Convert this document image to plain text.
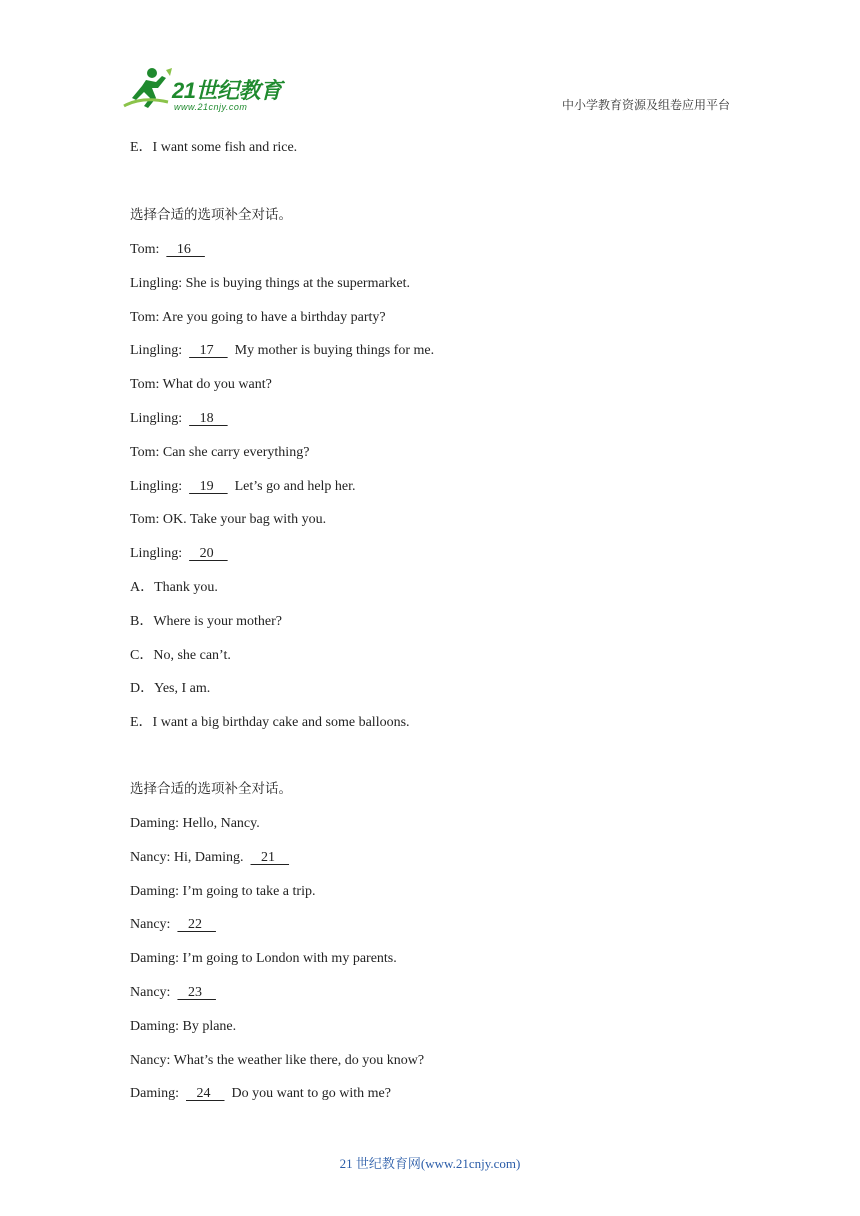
21世纪教育
www.21cnjy.com	中小学教育资源及组卷应用平台
E．I want some fish and rice.
选择合适的选项补全对话。
Tom:     16
Lingling: She is buying things at the supermarket.
Tom: Are you going to have a birthday party?
Lingling:     17      My mother is buying things for me.
Tom: What do you want?
Lingling:     18
Tom: Can she carry everything?
Lingling:     19      Let’s go and help her.
Tom: OK. Take your bag with you.
Lingling:     20
A．Thank you.
B．Where is your mother?
C．No, she can’t.
D．Yes, I am.
E．I want a big birthday cake and some balloons.
选择合适的选项补全对话。
Daming: Hello, Nancy.
Nancy: Hi, Daming.     21
Daming: I’m going to take a trip.
Nancy:     22
Daming: I’m going to London with my parents.
Nancy:     23
Daming: By plane.
Nancy: What’s the weather like there, do you know?
Daming:     24      Do you want to go with me?
21 世纪教育网(www.21cnjy.com)
